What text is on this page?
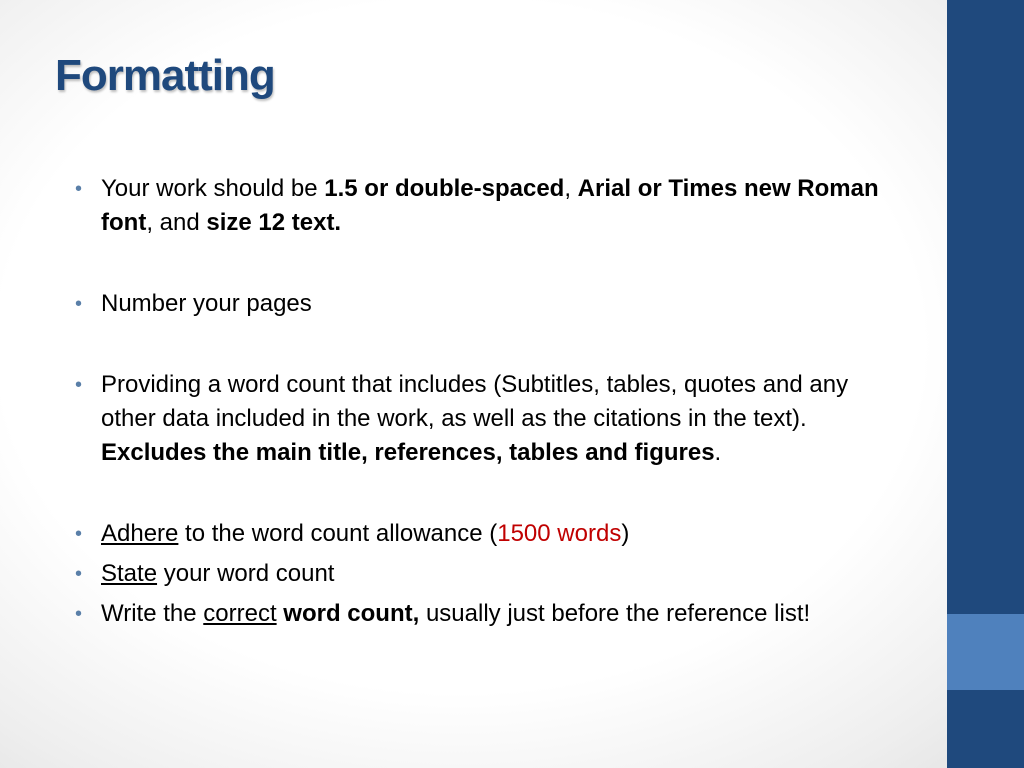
Formatting
• Your work should be 1.5 or double-spaced, Arial or Times new Roman font, and size 12 text.
• Number your pages
• Providing a word count that includes (Subtitles, tables, quotes and any other data included in the work, as well as the citations in the text). Excludes the main title, references, tables and figures.
• Adhere to the word count allowance (1500 words)
• State your word count
• Write the correct word count, usually just before the reference list!
